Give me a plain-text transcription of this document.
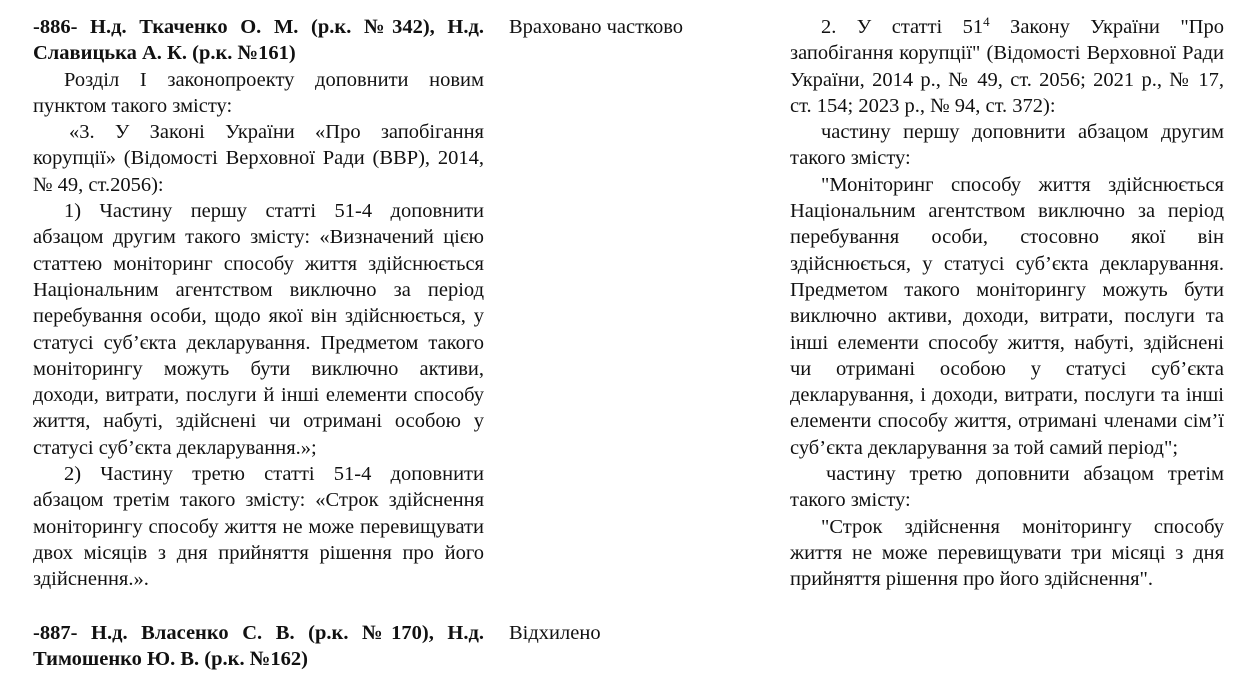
-886- Н.д. Ткаченко О. М. (р.к. №342), Н.д. Славицька А. К. (р.к. №161)

Розділ І законопроекту доповнити новим пунктом такого змісту:

«3. У Законі України «Про запобігання корупції» (Відомості Верховної Ради (ВВР), 2014, № 49, ст.2056):

1) Частину першу статті 51-4 доповнити абзацом другим такого змісту: «Визначений цією статтею моніторинг способу життя здійснюється Національним агентством виключно за період перебування особи, щодо якої він здійснюється, у статусі суб’єкта декларування. Предметом такого моніторингу можуть бути виключно активи, доходи, витрати, послуги й інші елементи способу життя, набуті, здійснені чи отримані особою у статусі суб’єкта декларування.»;

2) Частину третю статті 51-4 доповнити абзацом третім такого змісту: «Строк здійснення моніторингу способу життя не може перевищувати двох місяців з дня прийняття рішення про його здійснення.».

-887- Н.д. Власенко С. В. (р.к. №170), Н.д. Тимошенко Ю. В. (р.к. №162)

Враховано частково
Відхилено

2. У статті $51^4$ Закону України "Про запобігання корупції" (Відомості Верховної Ради України, 2014 р., № 49, ст. 2056; 2021 р., № 17, ст. 154; 2023 р., № 94, ст. 372):

частину першу доповнити абзацом другим такого змісту:

"Моніторинг способу життя здійснюється Національним агентством виключно за період перебування особи, стосовно якої він здійснюється, у статусі суб’єкта декларування. Предметом такого моніторингу можуть бути виключно активи, доходи, витрати, послуги та інші елементи способу життя, набуті, здійснені чи отримані особою у статусі суб’єкта декларування, і доходи, витрати, послуги та інші елементи способу життя, отримані членами сім’ї суб’єкта декларування за той самий період";

частину третю доповнити абзацом третім такого змісту:

"Строк здійснення моніторингу способу життя не може перевищувати три місяці з дня прийняття рішення про його здійснення".
